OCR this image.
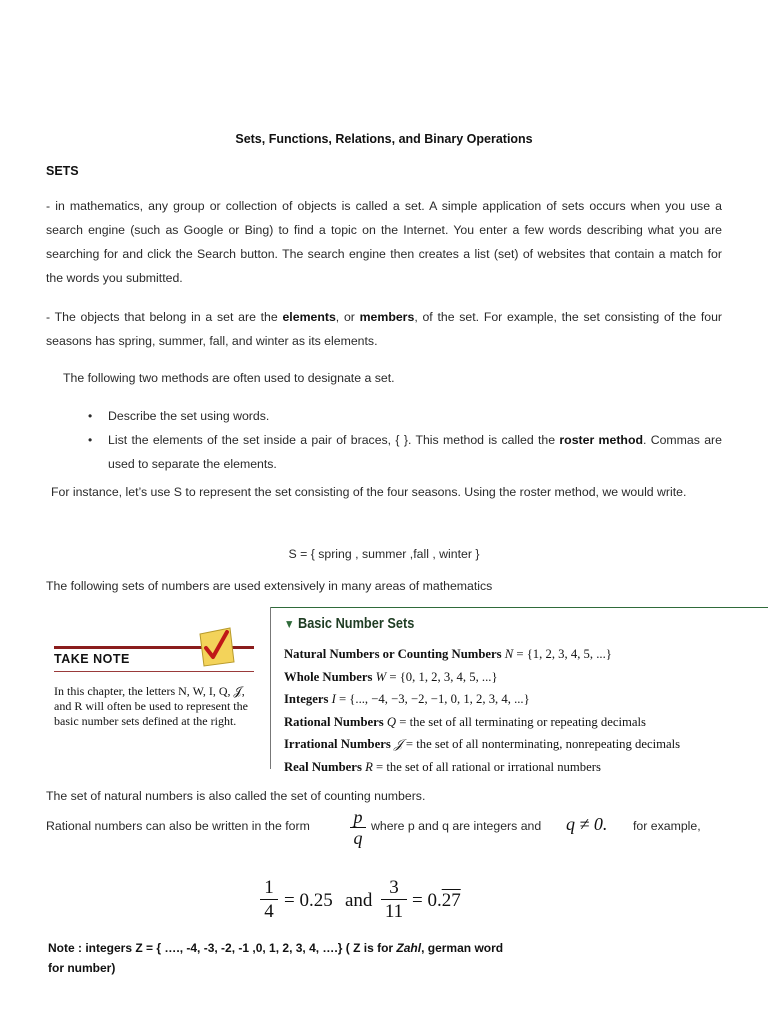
Sets, Functions, Relations, and Binary Operations
SETS
- in mathematics, any group or collection of objects is called a set. A simple application of sets occurs when you use a search engine (such as Google or Bing) to find a topic on the Internet. You enter a few words describing what you are searching for and click the Search button. The search engine then creates a list (set) of websites that contain a match for the words you submitted.
- The objects that belong in a set are the elements, or members, of the set. For example, the set consisting of the four seasons has spring, summer, fall, and winter as its elements.
The following two methods are often used to designate a set.
• Describe the set using words.
• List the elements of the set inside a pair of braces, { }. This method is called the roster method. Commas are used to separate the elements.
For instance, let’s use S to represent the set consisting of the four seasons. Using the roster method, we would write.
S = { spring , summer ,fall , winter }
The following sets of numbers are used extensively in many areas of mathematics
TAKE NOTE
In this chapter, the letters N, W, I, Q, 𝒥, and R will often be used to represent the basic number sets defined at the right.
▼ Basic Number Sets
Natural Numbers or Counting Numbers N = {1, 2, 3, 4, 5, ...}
Whole Numbers W = {0, 1, 2, 3, 4, 5, ...}
Integers I = {..., −4, −3, −2, −1, 0, 1, 2, 3, 4, ...}
Rational Numbers Q = the set of all terminating or repeating decimals
Irrational Numbers 𝒥 = the set of all nonterminating, nonrepeating decimals
Real Numbers R = the set of all rational or irrational numbers
The set of natural numbers is also called the set of counting numbers.
Rational numbers can also be written in the form p
q
where p and q are integers and q ≠ 0. for example,
1
4
= 0.25 and
3
11
= 0.27
Note : integers Z = { …., -4, -3, -2, -1 ,0, 1, 2, 3, 4, ….} ( Z is for Zahl, german word for number)
